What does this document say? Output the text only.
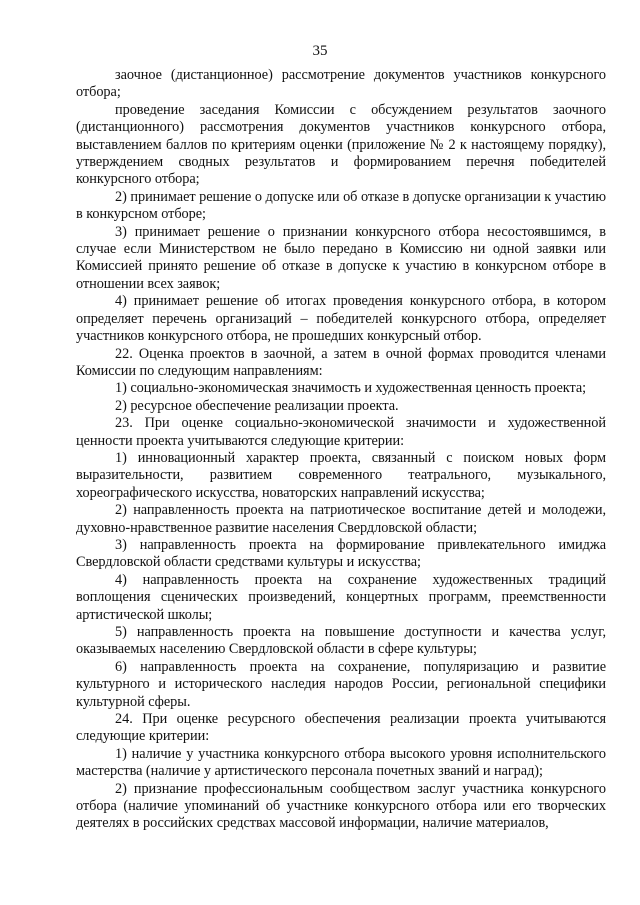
35

заочное (дистанционное) рассмотрение документов участников конкурсного отбора;

проведение заседания Комиссии с обсуждением результатов заочного (дистанционного) рассмотрения документов участников конкурсного отбора, выставлением баллов по критериям оценки (приложение № 2 к настоящему порядку), утверждением сводных результатов и формированием перечня победителей конкурсного отбора;

2) принимает решение о допуске или об отказе в допуске организации к участию в конкурсном отборе;

3) принимает решение о признании конкурсного отбора несостоявшимся, в случае если Министерством не было передано в Комиссию ни одной заявки или Комиссией принято решение об отказе в допуске к участию в конкурсном отборе в отношении всех заявок;

4) принимает решение об итогах проведения конкурсного отбора, в котором определяет перечень организаций – победителей конкурсного отбора, определяет участников конкурсного отбора, не прошедших конкурсный отбор.

22. Оценка проектов в заочной, а затем в очной формах проводится членами Комиссии по следующим направлениям:

1) социально-экономическая значимость и художественная ценность проекта;

2) ресурсное обеспечение реализации проекта.

23. При оценке социально-экономической значимости и художественной ценности проекта учитываются следующие критерии:

1) инновационный характер проекта, связанный с поиском новых форм выразительности, развитием современного театрального, музыкального, хореографического искусства, новаторских направлений искусства;

2) направленность проекта на патриотическое воспитание детей и молодежи, духовно-нравственное развитие населения Свердловской области;

3) направленность проекта на формирование привлекательного имиджа Свердловской области средствами культуры и искусства;

4) направленность проекта на сохранение художественных традиций воплощения сценических произведений, концертных программ, преемственности артистической школы;

5) направленность проекта на повышение доступности и качества услуг, оказываемых населению Свердловской области в сфере культуры;

6) направленность проекта на сохранение, популяризацию и развитие культурного и исторического наследия народов России, региональной специфики культурной сферы.

24. При оценке ресурсного обеспечения реализации проекта учитываются следующие критерии:

1) наличие у участника конкурсного отбора высокого уровня исполнительского мастерства (наличие у артистического персонала почетных званий и наград);

2) признание профессиональным сообществом заслуг участника конкурсного отбора (наличие упоминаний об участнике конкурсного отбора или его творческих деятелях в российских средствах массовой информации, наличие материалов,
